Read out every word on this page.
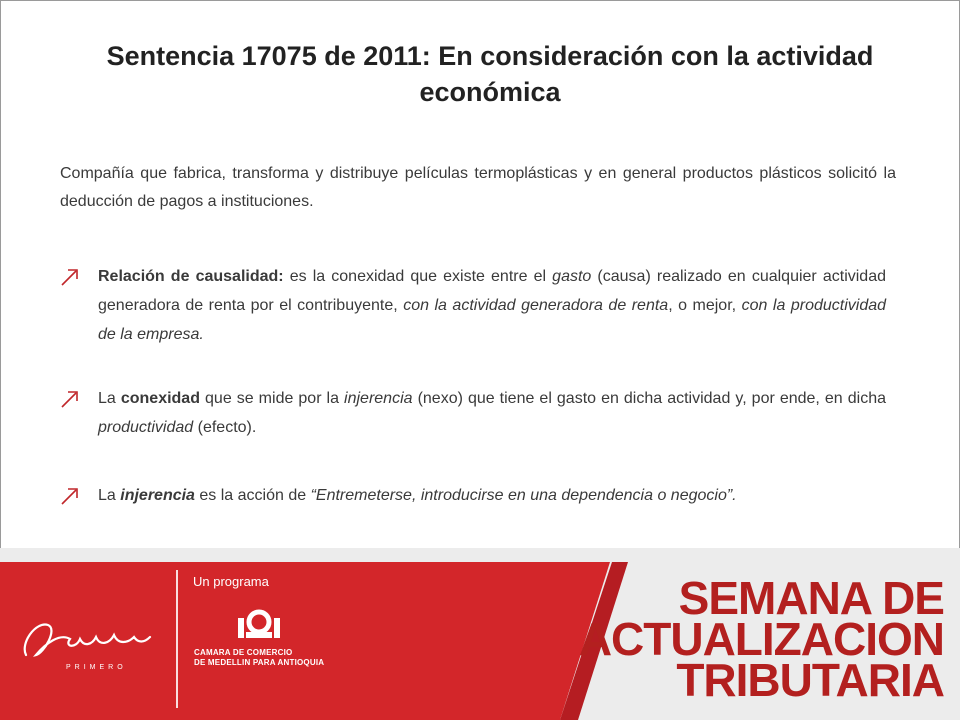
Sentencia 17075 de 2011: En consideración con la actividad económica
Compañía que fabrica, transforma y distribuye películas termoplásticas y en general productos plásticos solicitó la deducción de pagos a instituciones.
Relación de causalidad: es la conexidad que existe entre el gasto (causa) realizado en cualquier actividad generadora de renta por el contribuyente, con la actividad generadora de renta, o mejor, con la productividad de la empresa.
La conexidad que se mide por la injerencia (nexo) que tiene el gasto en dicha actividad y, por ende, en dicha productividad (efecto).
La injerencia es la acción de “Entremeterse, introducirse en una dependencia o negocio”.
PRIMERO
Un programa
CAMARA DE COMERCIO
DE MEDELLIN PARA ANTIOQUIA
SEMANA DE
ACTUALIZACION
TRIBUTARIA
